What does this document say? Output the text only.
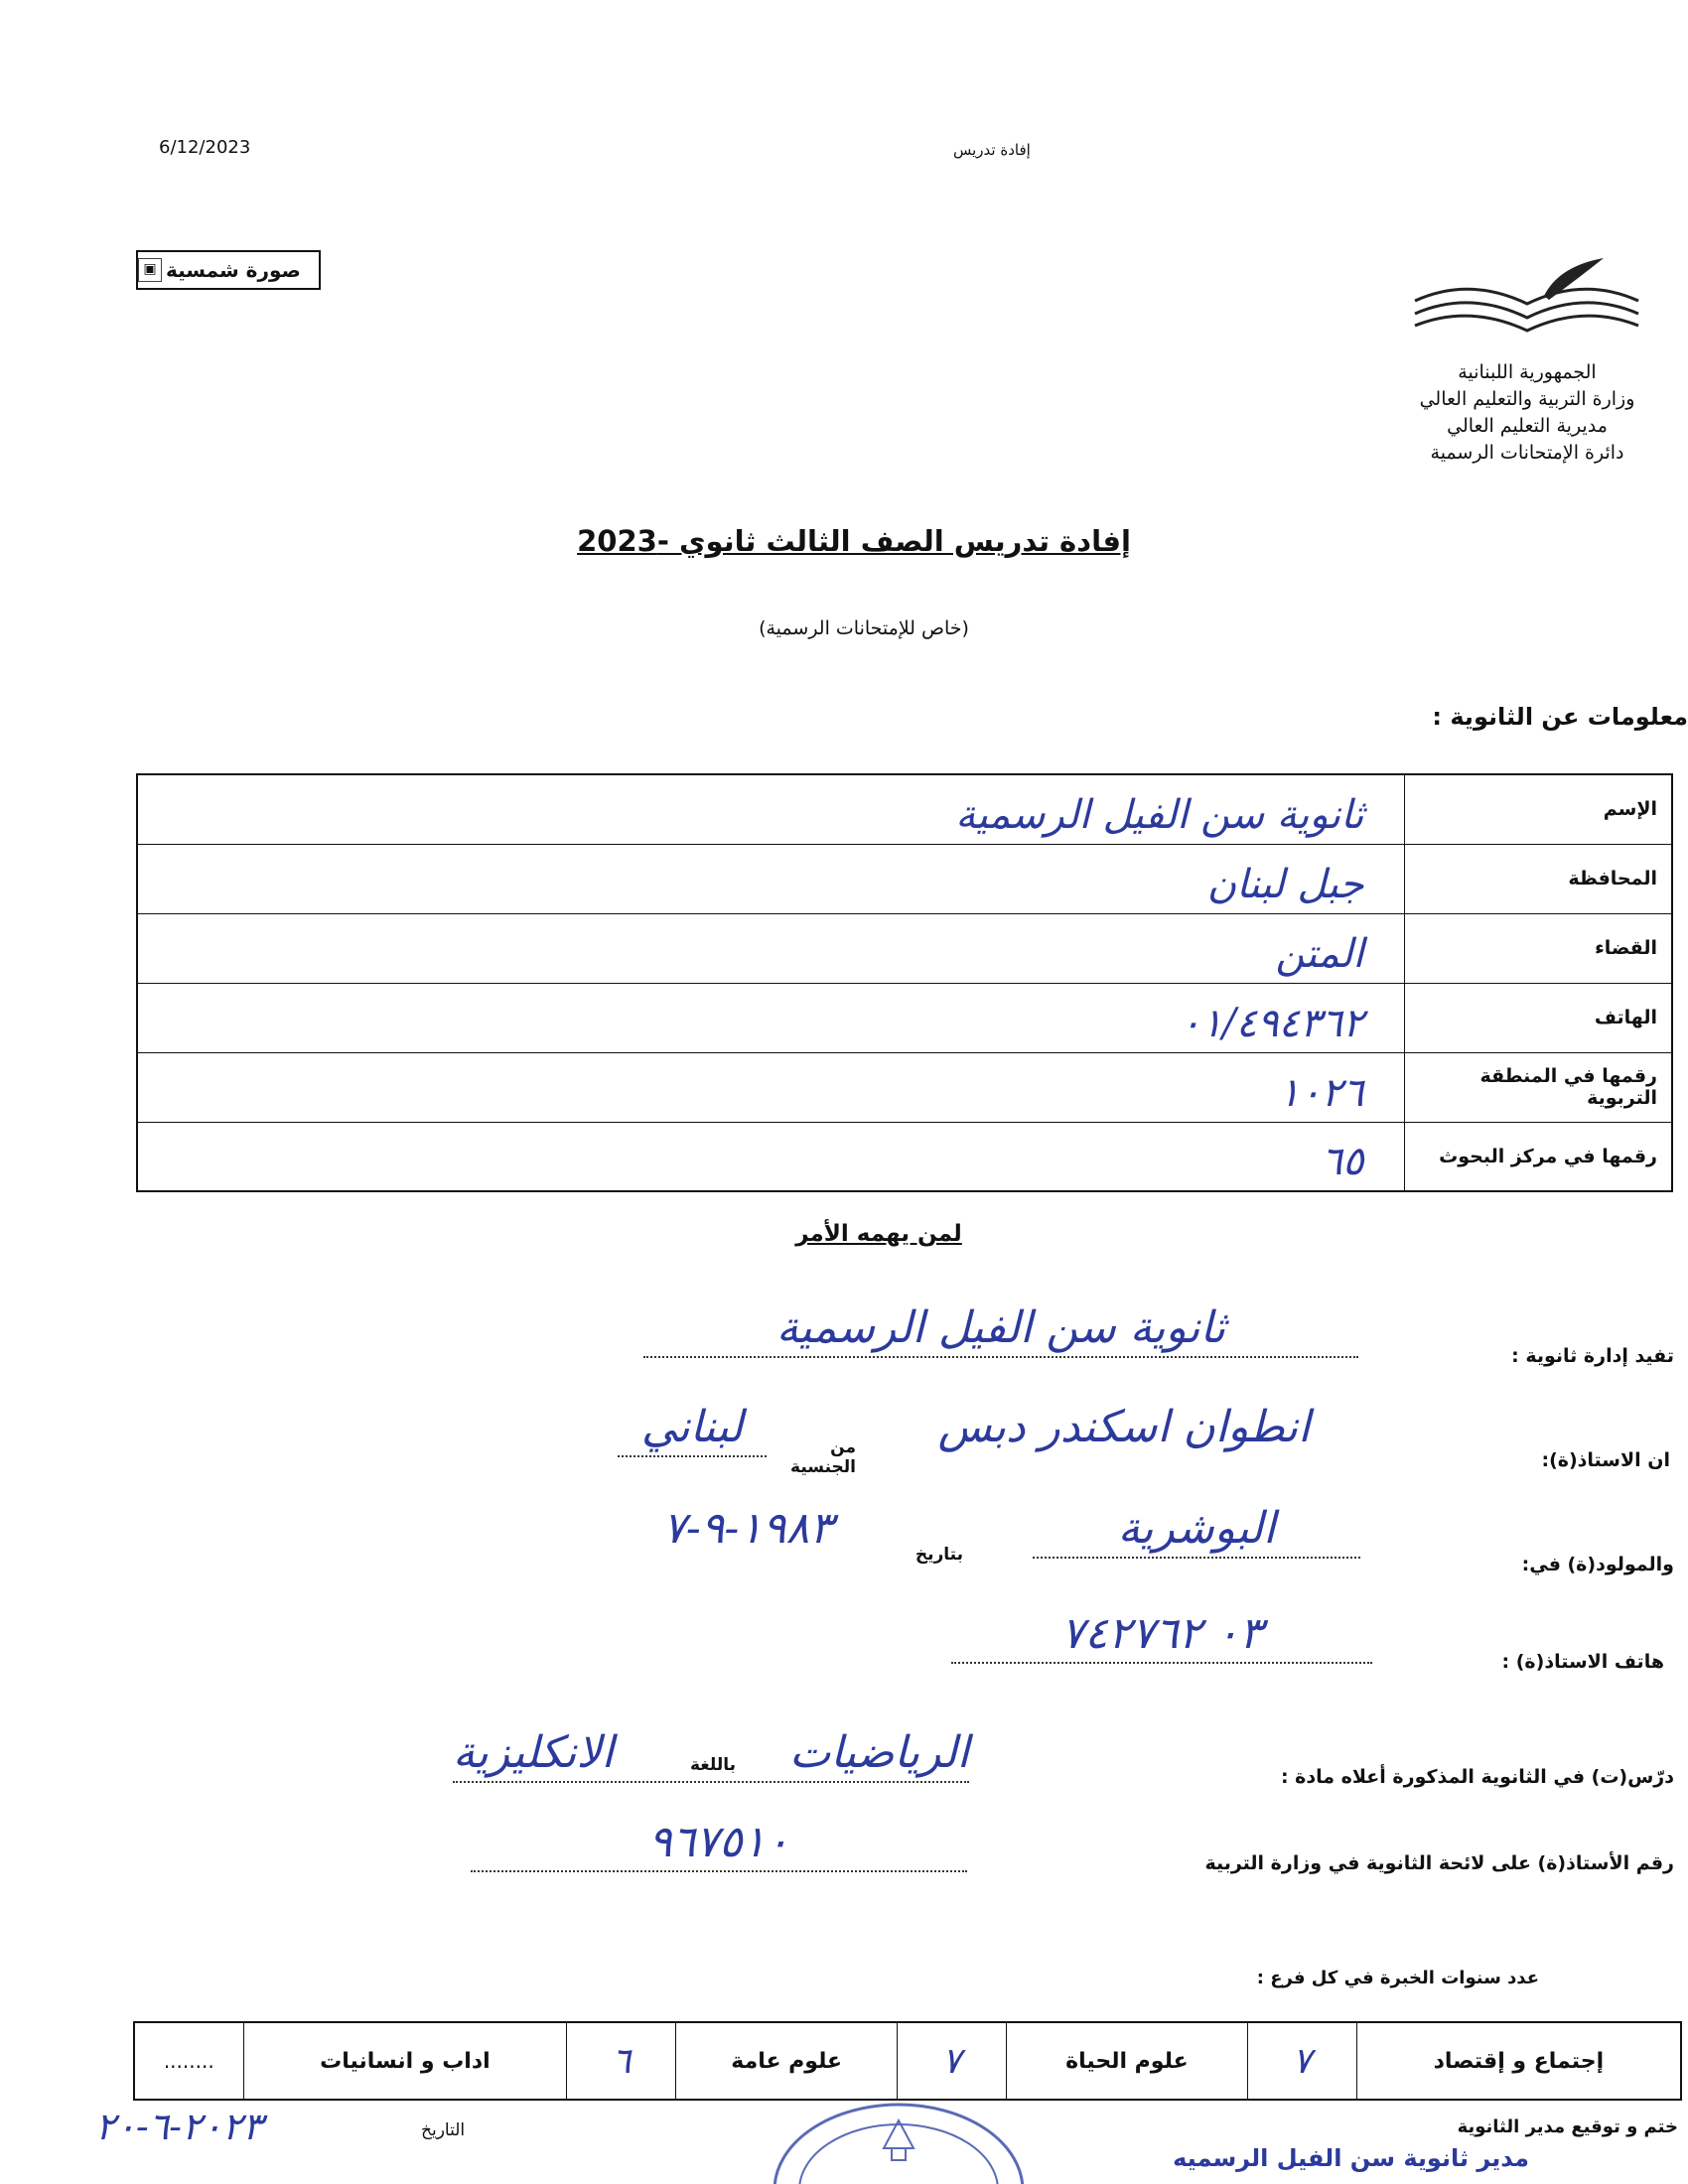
6/12/2023	إفادة تدريس
صورة شمسية
▣
الجمهورية اللبنانية
وزارة التربية والتعليم العالي
مديرية التعليم العالي
دائرة الإمتحانات الرسمية
إفادة تدريس الصف الثالث ثانوي -2023
(خاص للإمتحانات الرسمية)
معلومات عن الثانوية :
الإسم	ثانوية سن الفيل الرسمية
المحافظة	جبل لبنان
القضاء	المتن
الهاتف	٠١/٤٩٤٣٦٢
رقمها في المنطقة التربوية	١٠٢٦
رقمها في مركز البحوث	٦٥
لمن يهمه الأمر
تفيد إدارة ثانوية :
ثانوية سن الفيل الرسمية
ان الاستاذ(ة):
انطوان اسكندر دبس
من الجنسية
لبناني
والمولود(ة) في:
البوشرية
بتاريخ
١٩٨٣-٩-٧
هاتف الاستاذ(ة) :
٠٣ ٧٤٢٧٦٢
درّس(ت) في الثانوية المذكورة أعلاه مادة :
الرياضيات
الانكليزية	باللغة
رقم الأستاذ(ة) على لائحة الثانوية في وزارة التربية
٩٦٧٥١٠
عدد سنوات الخبرة في كل فرع :
إجتماع و إقتصاد	٧	علوم الحياة	٧	علوم عامة	٦	اداب و انسانيات	........
٢٠٢٣-٦-٢٠	التاريخ	ختم و توقيع مدير الثانوية
مدير ثانوية سن الفيل الرسميه
